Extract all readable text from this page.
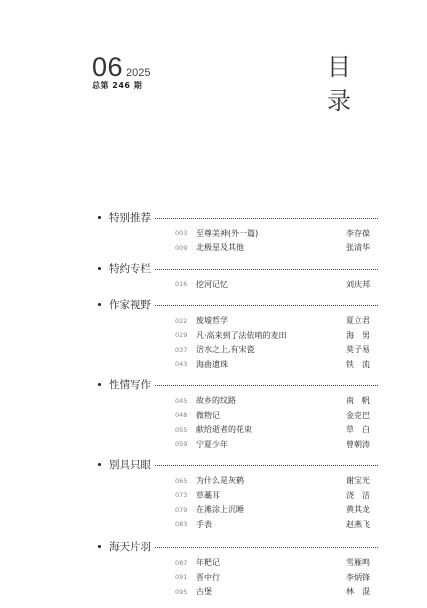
06 2025
总第 246 期
目
录
特别推荐
003	至尊美神(外一篇)	李存葆
009	北极星及其他	张清华
特约专栏
016	挖河记忆	刘庆邦
作家视野
022	废墟哲学	夏立君
029	凡·高来到了法依哨的麦田	海　男
037	涪水之上,有宋瓷	莫子易
043	海曲遗珠	铁　流
性情写作
045	故乡的纹路	南　帆
048	微物记	金克巴
055	献给逝者的花束	草　白
059	宁夏少年	曾朝涛
别具只眼
065	为什么是灰鹤	谢宝光
073	草蘽耳	浇　洁
079	在滩涂上沉睡	黄其龙
083	手表	赵燕飞
海天片羽
087	年粑记	雪雁鸣
091	晋中行	李炳锋
095	古堡	林　混
